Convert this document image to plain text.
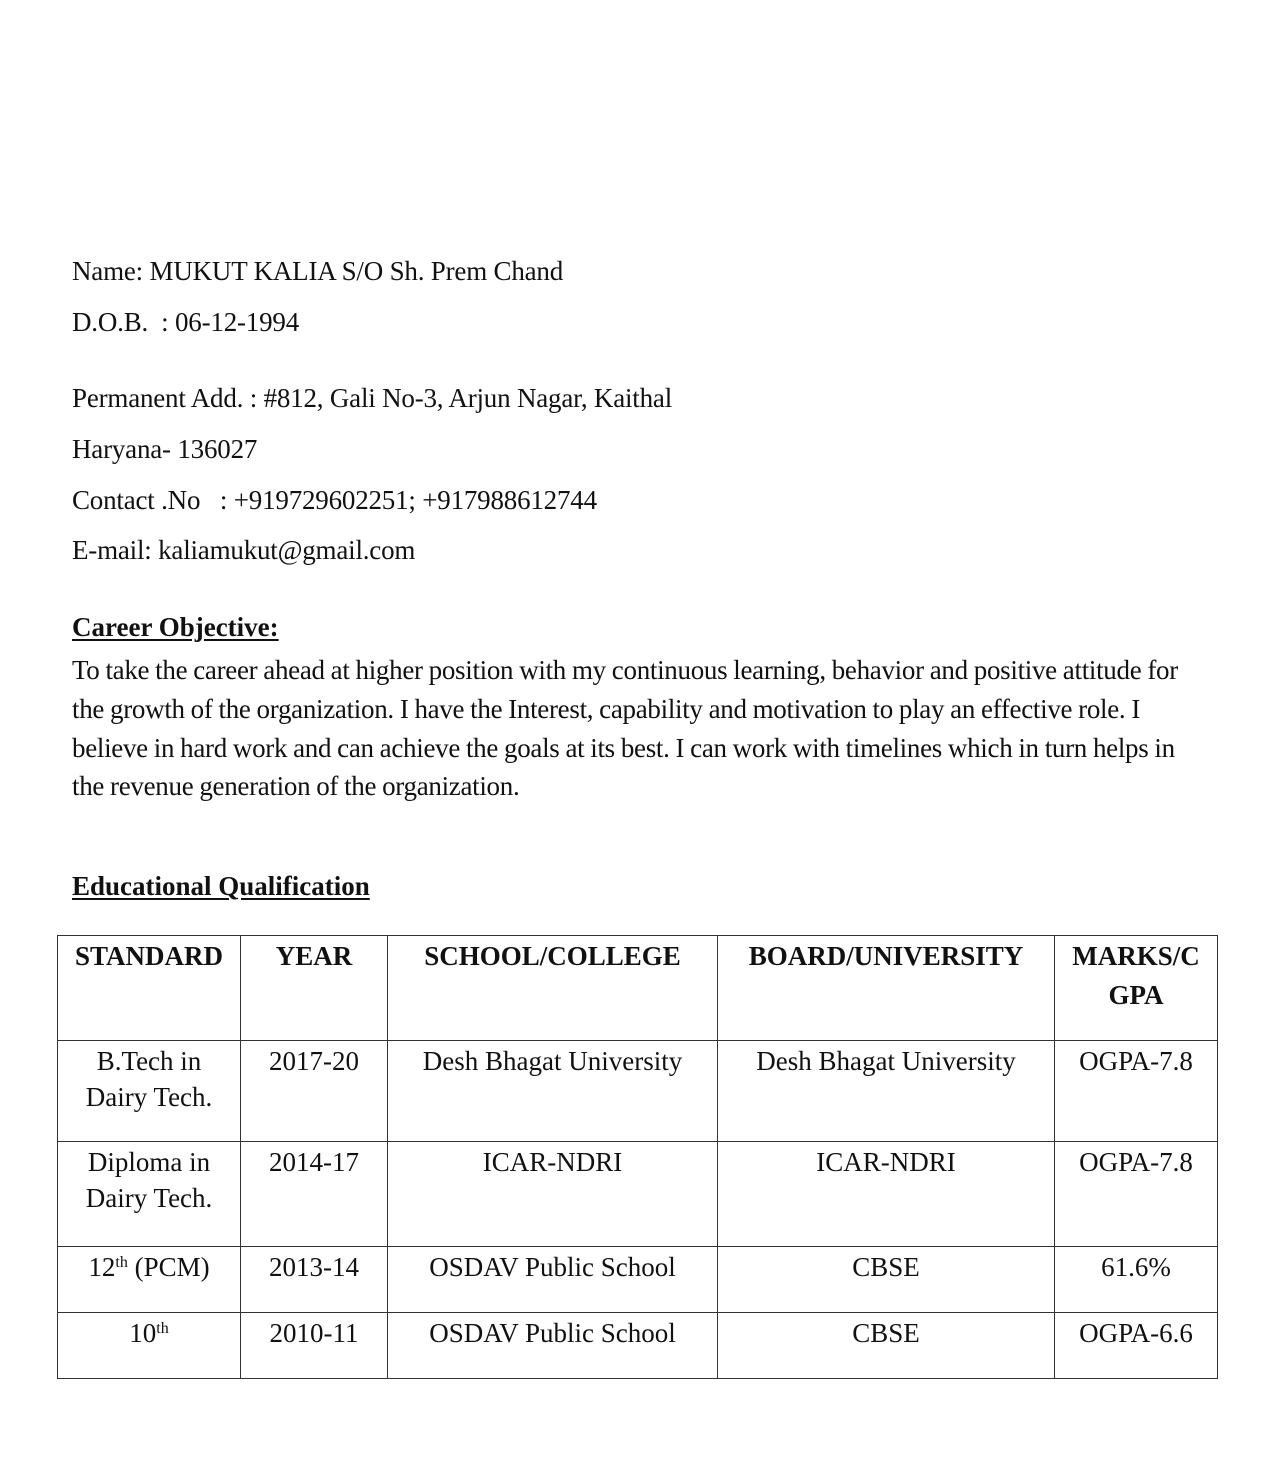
Name: MUKUT KALIA S/O Sh. Prem Chand
D.O.B.  : 06-12-1994
Permanent Add. : #812, Gali No-3, Arjun Nagar, Kaithal
Haryana- 136027
Contact .No   : +919729602251; +917988612744
E-mail: kaliamukut@gmail.com
Career Objective:
To take the career ahead at higher position with my continuous learning, behavior and positive attitude for the growth of the organization. I have the Interest, capability and motivation to play an effective role. I believe in hard work and can achieve the goals at its best. I can work with timelines which in turn helps in the revenue generation of the organization.
Educational Qualification
STANDARD	YEAR	SCHOOL/COLLEGE	BOARD/UNIVERSITY	MARKS/C GPA
B.Tech in Dairy Tech.	2017-20	Desh Bhagat University	Desh Bhagat University	OGPA-7.8
Diploma in Dairy Tech.	2014-17	ICAR-NDRI	ICAR-NDRI	OGPA-7.8
12th (PCM)	2013-14	OSDAV Public School	CBSE	61.6%
10th	2010-11	OSDAV Public School	CBSE	OGPA-6.6
